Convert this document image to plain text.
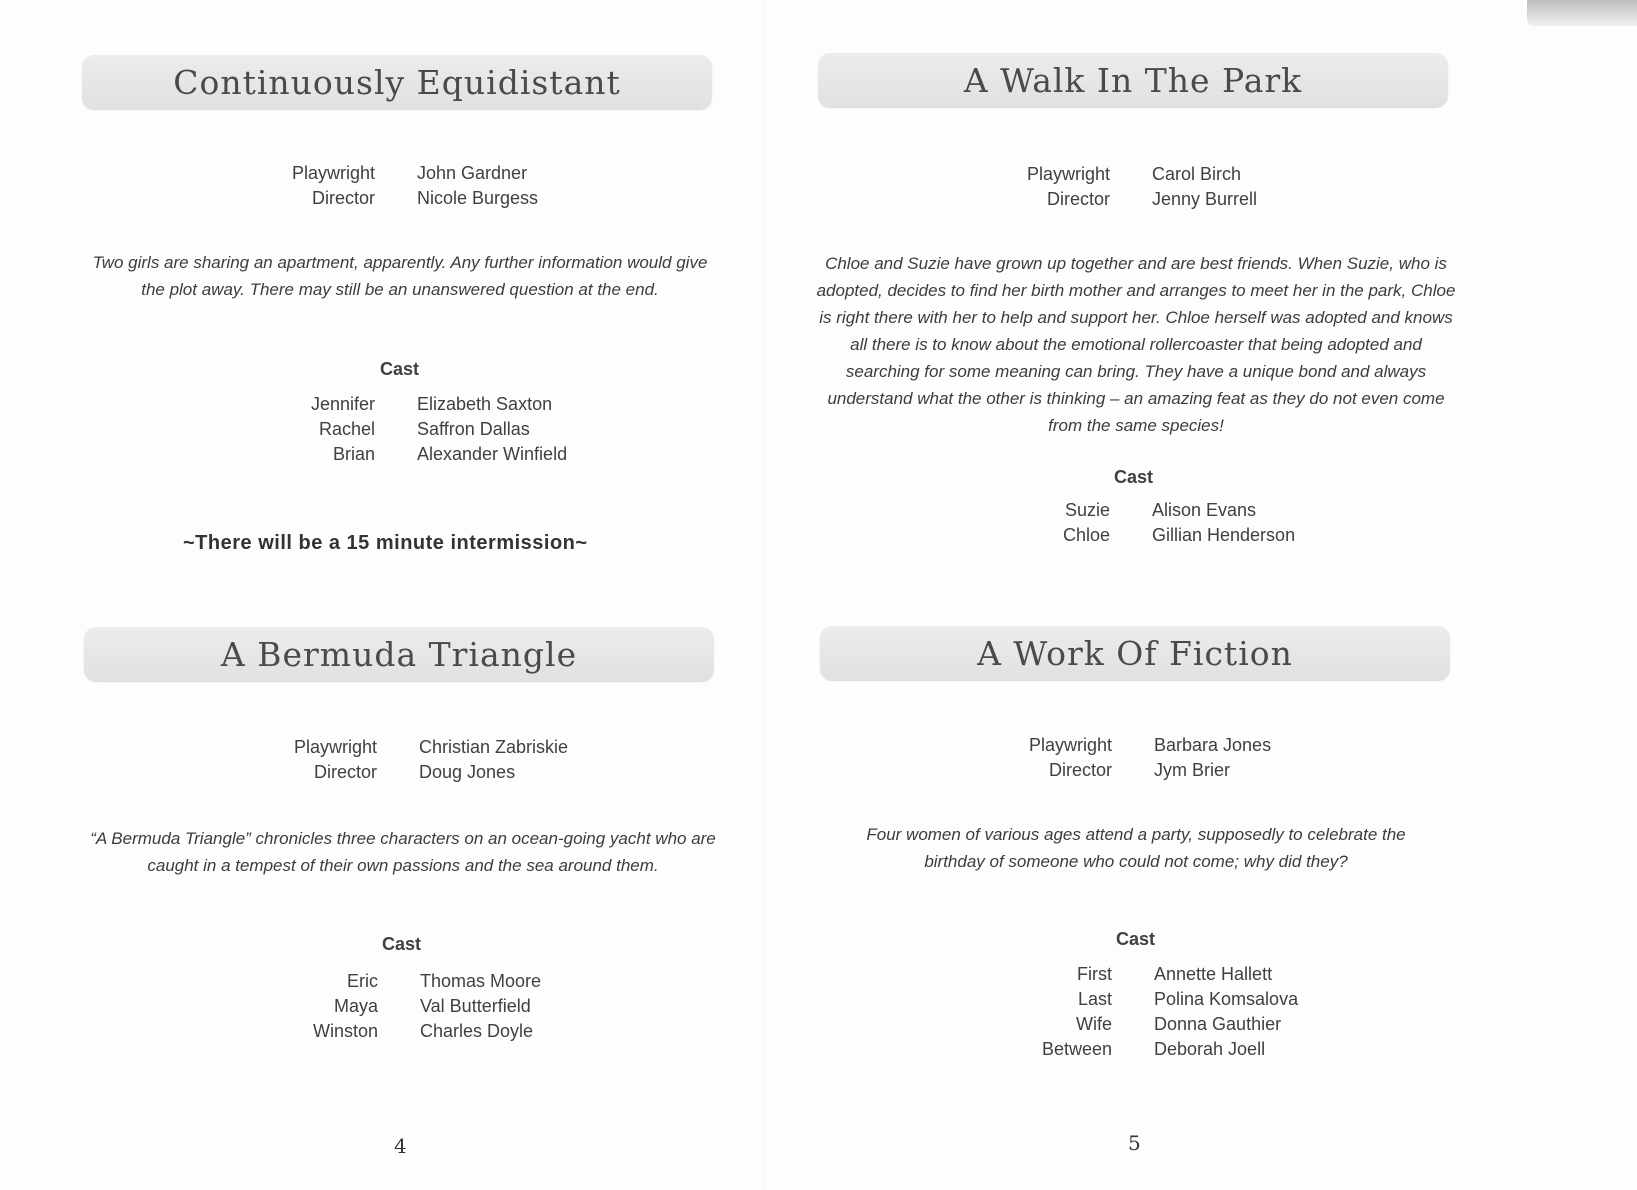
Continuously Equidistant
Playwright	John Gardner
Director	Nicole Burgess
Two girls are sharing an apartment, apparently. Any further information would give the plot away. There may still be an unanswered question at the end.
Cast
Jennifer	Elizabeth Saxton
Rachel	Saffron Dallas
Brian	Alexander Winfield
~There will be a 15 minute intermission~
A Bermuda Triangle
Playwright	Christian Zabriskie
Director	Doug Jones
“A Bermuda Triangle” chronicles three characters on an ocean-going yacht who are caught in a tempest of their own passions and the sea around them.
Cast
Eric	Thomas Moore
Maya	Val Butterfield
Winston	Charles Doyle
4
A Walk In The Park
Playwright	Carol Birch
Director	Jenny Burrell
Chloe and Suzie have grown up together and are best friends. When Suzie, who is adopted, decides to find her birth mother and arranges to meet her in the park, Chloe is right there with her to help and support her. Chloe herself was adopted and knows all there is to know about the emotional rollercoaster that being adopted and searching for some meaning can bring. They have a unique bond and always understand what the other is thinking – an amazing feat as they do not even come from the same species!
Cast
Suzie	Alison Evans
Chloe	Gillian Henderson
A Work Of Fiction
Playwright	Barbara Jones
Director	Jym Brier
Four women of various ages attend a party, supposedly to celebrate the birthday of someone who could not come; why did they?
Cast
First	Annette Hallett
Last	Polina Komsalova
Wife	Donna Gauthier
Between	Deborah Joell
5
